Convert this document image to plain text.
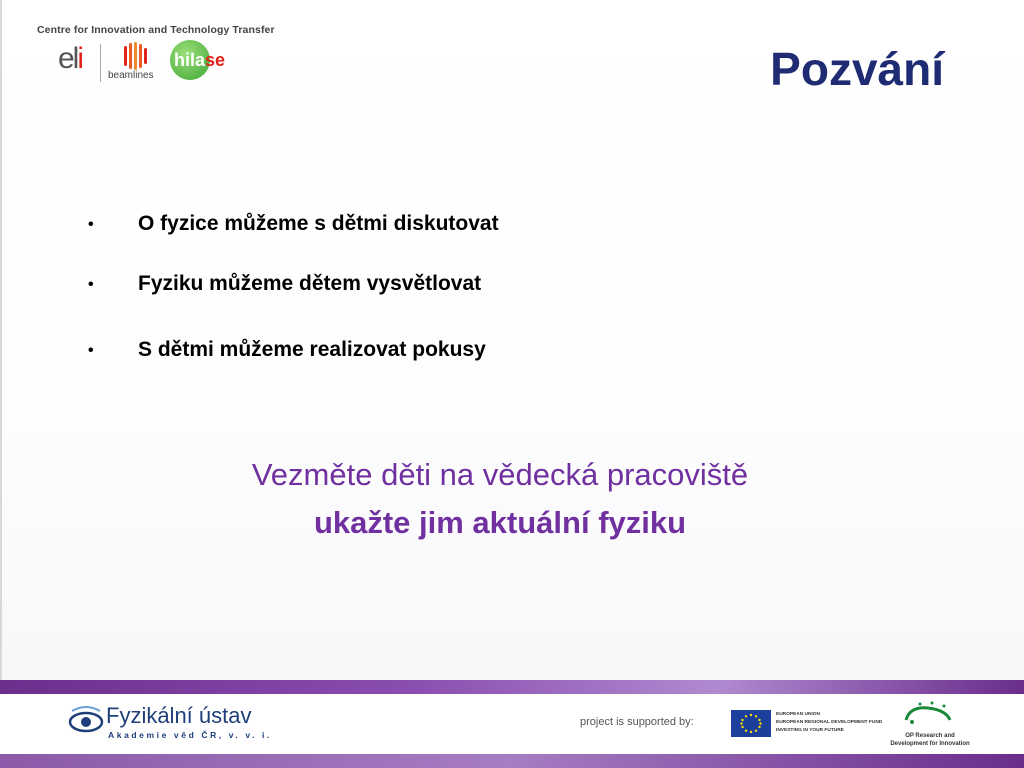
Centre for Innovation and Technology Transfer
eli
beamlines
hilase	Pozvání
• O fyzice můžeme s dětmi diskutovat
• Fyziku můžeme dětem vysvětlovat
• S dětmi můžeme realizovat pokusy
Vezměte děti na vědecká pracoviště
ukažte jim aktuální fyziku
Fyzikální ústav
Akademie věd ČR, v. v. i.
project is supported by:
EUROPEAN UNION
EUROPEAN REGIONAL DEVELOPMENT FUND
INVESTING IN YOUR FUTURE
OP Research and
Development for Innovation
